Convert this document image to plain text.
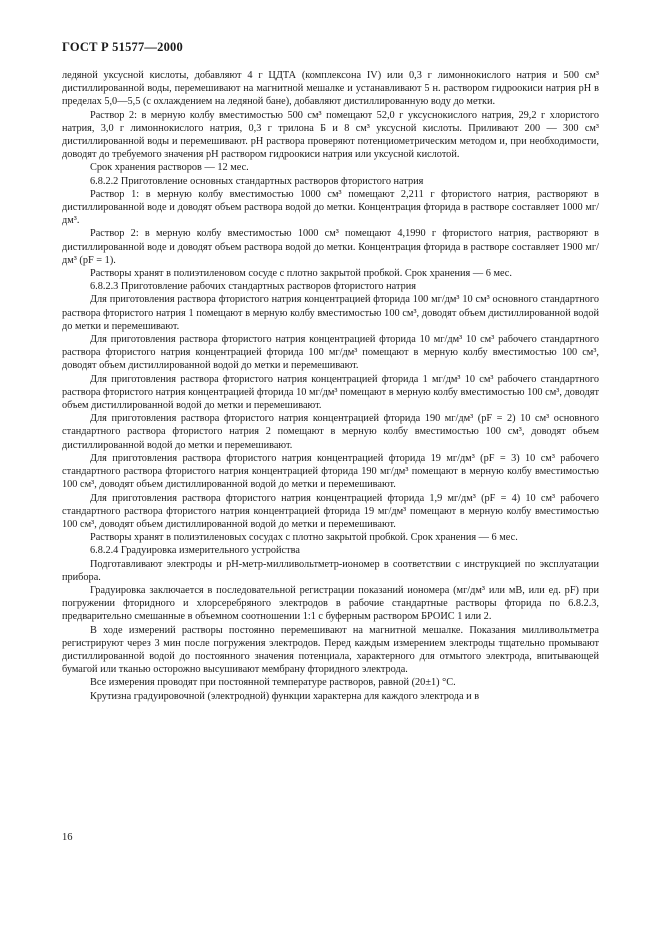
ГОСТ Р 51577—2000

ледяной уксусной кислоты, добавляют 4 г ЦДТА (комплексона IV) или 0,3 г лимоннокислого натрия и 500 см³ дистиллированной воды, перемешивают на магнитной мешалке и устанавливают 5 н. раствором гидроокиси натрия рН в пределах 5,0—5,5 (с охлаждением на ледяной бане), добавляют дистиллированную воду до метки.

Раствор 2: в мерную колбу вместимостью 500 см³ помещают 52,0 г уксуснокислого натрия, 29,2 г хлористого натрия, 3,0 г лимоннокислого натрия, 0,3 г трилона Б и 8 см³ уксусной кислоты. Приливают 200 — 300 см³ дистиллированной воды и перемешивают. рН раствора проверяют потенциометрическим методом и, при необходимости, доводят до требуемого значения рН раствором гидроокиси натрия или уксусной кислотой.

Срок хранения растворов — 12 мес.

6.8.2.2 Приготовление основных стандартных растворов фтористого натрия

Раствор 1: в мерную колбу вместимостью 1000 см³ помещают 2,211 г фтористого натрия, растворяют в дистиллированной воде и доводят объем раствора водой до метки. Концентрация фторида в растворе составляет 1000 мг/дм³.

Раствор 2: в мерную колбу вместимостью 1000 см³ помещают 4,1990 г фтористого натрия, растворяют в дистиллированной воде и доводят объем раствора водой до метки. Концентрация фторида в растворе составляет 1900 мг/дм³ (рF = 1).

Растворы хранят в полиэтиленовом сосуде с плотно закрытой пробкой. Срок хранения — 6 мес.

6.8.2.3 Приготовление рабочих стандартных растворов фтористого натрия

Для приготовления раствора фтористого натрия концентрацией фторида 100 мг/дм³ 10 см³ основного стандартного раствора фтористого натрия 1 помещают в мерную колбу вместимостью 100 см³, доводят объем дистиллированной водой до метки и перемешивают.

Для приготовления раствора фтористого натрия концентрацией фторида 10 мг/дм³ 10 см³ рабочего стандартного раствора фтористого натрия концентрацией фторида 100 мг/дм³ помещают в мерную колбу вместимостью 100 см³, доводят объем дистиллированной водой до метки и перемешивают.

Для приготовления раствора фтористого натрия концентрацией фторида 1 мг/дм³ 10 см³ рабочего стандартного раствора фтористого натрия концентрацией фторида 10 мг/дм³ помещают в мерную колбу вместимостью 100 см³, доводят объем дистиллированной водой до метки и перемешивают.

Для приготовления раствора фтористого натрия концентрацией фторида 190 мг/дм³ (рF = 2) 10 см³ основного стандартного раствора фтористого натрия 2 помещают в мерную колбу вместимостью 100 см³, доводят объем дистиллированной водой до метки и перемешивают.

Для приготовления раствора фтористого натрия концентрацией фторида 19 мг/дм³ (рF = 3) 10 см³ рабочего стандартного раствора фтористого натрия концентрацией фторида 190 мг/дм³ помещают в мерную колбу вместимостью 100 см³, доводят объем дистиллированной водой до метки и перемешивают.

Для приготовления раствора фтористого натрия концентрацией фторида 1,9 мг/дм³ (рF = 4) 10 см³ рабочего стандартного раствора фтористого натрия концентрацией фторида 19 мг/дм³ помещают в мерную колбу вместимостью 100 см³, доводят объем дистиллированной водой до метки и перемешивают.

Растворы хранят в полиэтиленовых сосудах с плотно закрытой пробкой. Срок хранения — 6 мес.

6.8.2.4 Градуировка измерительного устройства

Подготавливают электроды и рН-метр-милливольтметр-иономер в соответствии с инструкцией по эксплуатации прибора.

Градуировка заключается в последовательной регистрации показаний иономера (мг/дм³ или мВ, или ед. рF) при погружении фторидного и хлорсеребряного электродов в рабочие стандартные растворы фторида по 6.8.2.3, предварительно смешанные в объемном соотношении 1:1 с буферным раствором БРОИС 1 или 2.

В ходе измерений растворы постоянно перемешивают на магнитной мешалке. Показания милливольтметра регистрируют через 3 мин после погружения электродов. Перед каждым измерением электроды тщательно промывают дистиллированной водой до постоянного значения потенциала, характерного для отмытого электрода, впитывающей бумагой или тканью осторожно высушивают мембрану фторидного электрода.

Все измерения проводят при постоянной температуре растворов, равной (20±1) °С.

Крутизна градуировочной (электродной) функции характерна для каждого электрода и в

16
